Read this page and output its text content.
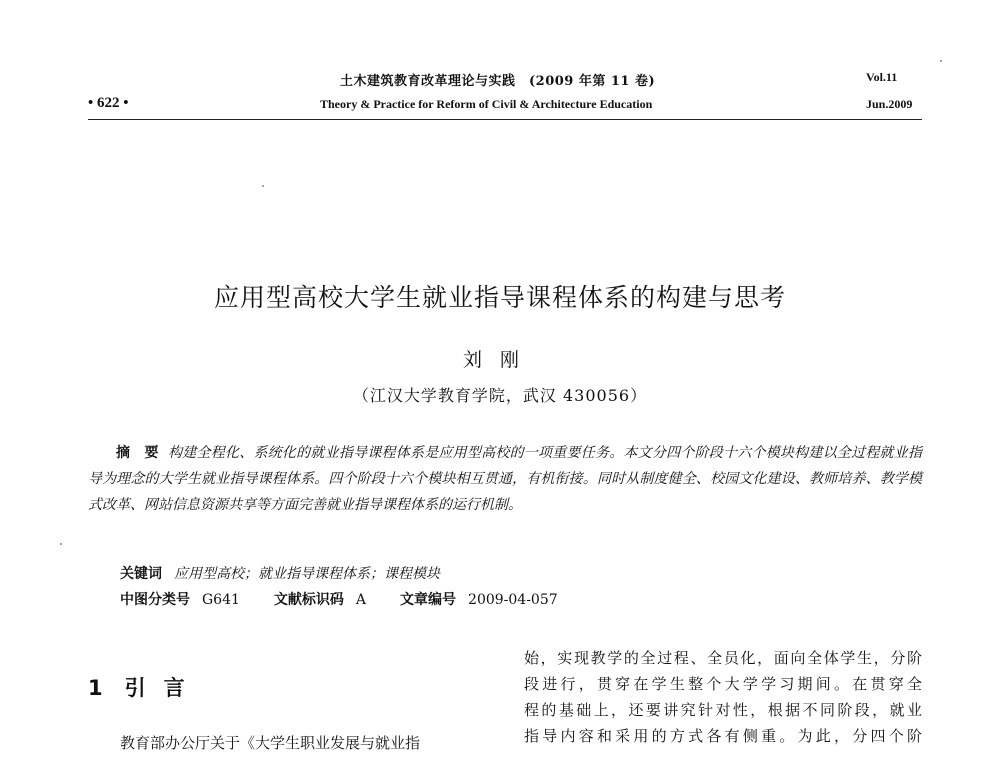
土木建筑教育改革理论与实践　(2009 年第 11 卷)	Vol.11
• 622 •	Theory & Practice for Reform of Civil & Architecture Education	Jun.2009
应用型高校大学生就业指导课程体系的构建与思考
刘刚
（江汉大学教育学院，武汉 430056）
摘　要 构建全程化、系统化的就业指导课程体系是应用型高校的一项重要任务。本文分四个阶段十六个模块构建以全过程就业指导为理念的大学生就业指导课程体系。四个阶段十六个模块相互贯通，有机衔接。同时从制度健全、校园文化建设、教师培养、教学模式改革、网站信息资源共享等方面完善就业指导课程体系的运行机制。
关键词 应用型高校；就业指导课程体系；课程模块
中图分类号 G641 文献标识码 A 文章编号 2009-04-057
1 引言
教育部办公厅关于《大学生职业发展与就业指
始，实现教学的全过程、全员化，面向全体学生，分阶
段进行，贯穿在学生整个大学学习期间。在贯穿全
程的基础上，还要讲究针对性，根据不同阶段，就业
指导内容和采用的方式各有侧重。为此，分四个阶
